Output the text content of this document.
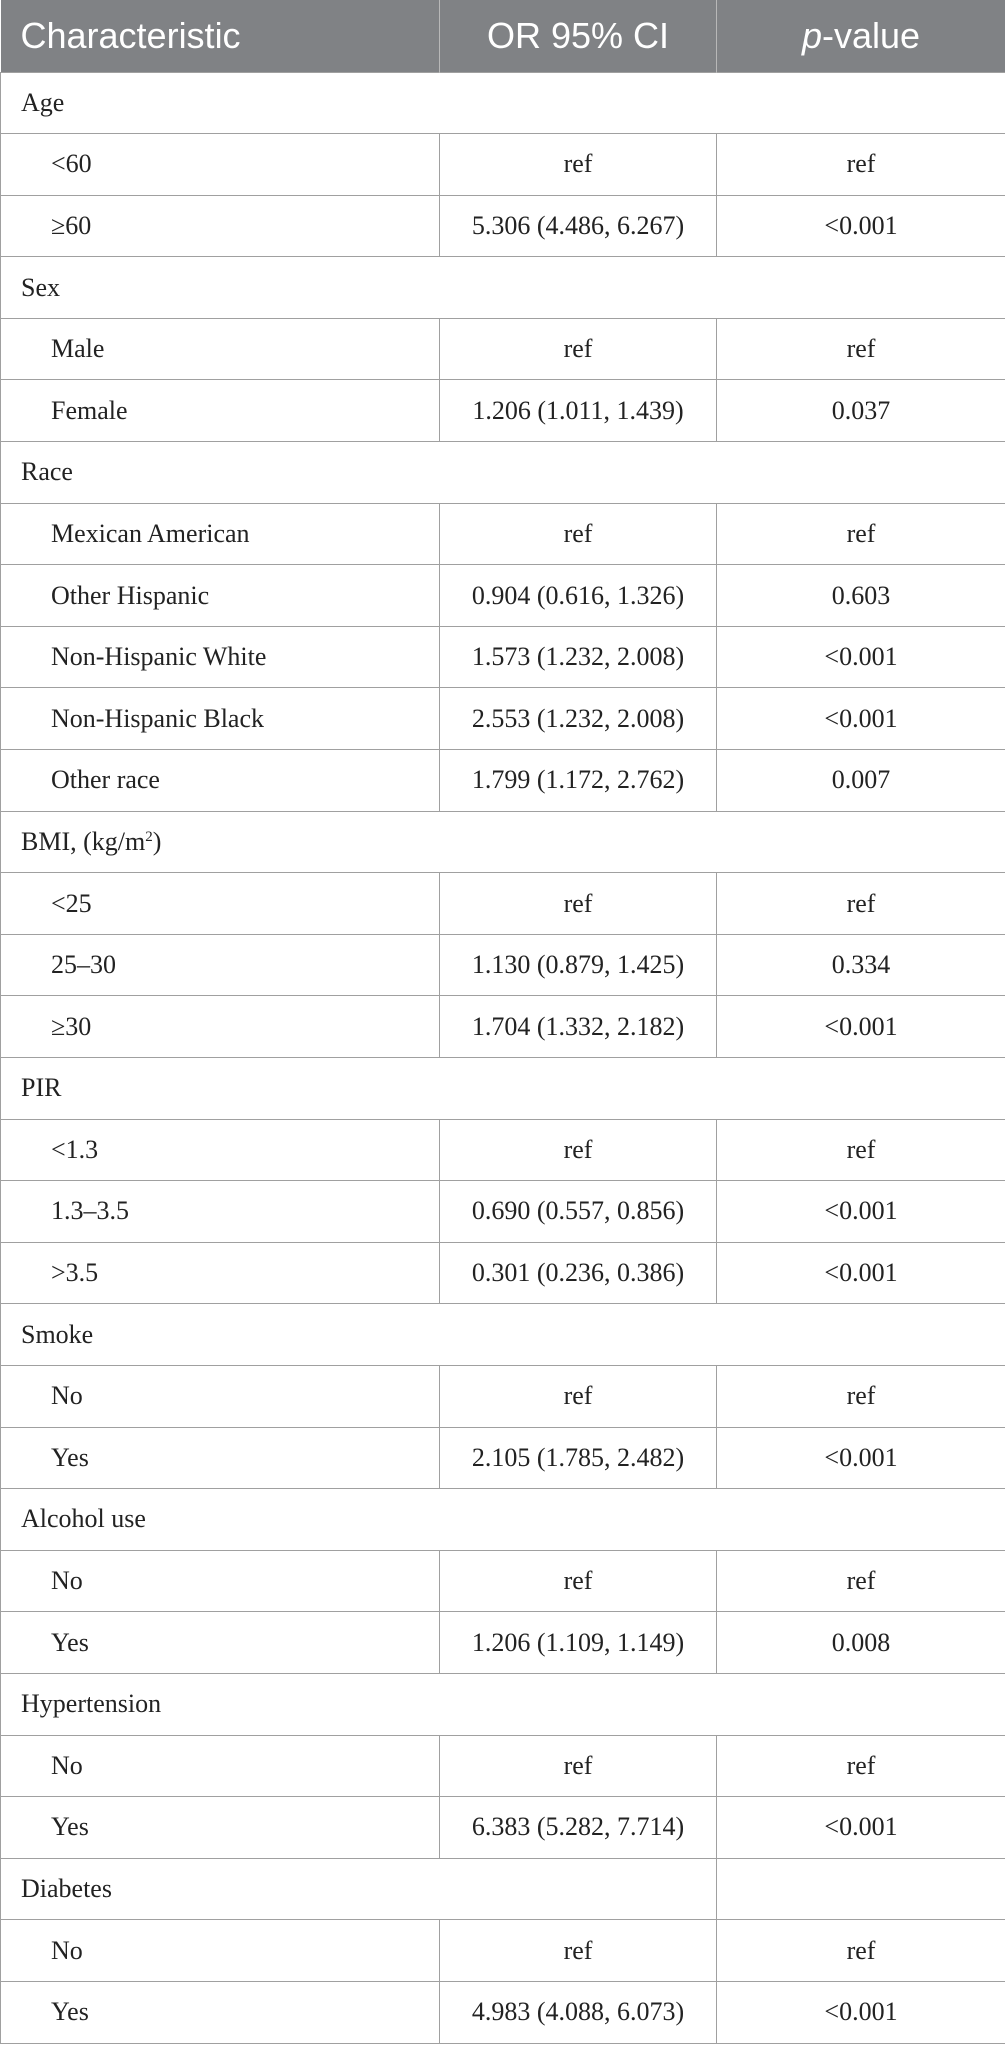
Characteristic	OR 95% CI	p-value
Age		
<60	ref	ref
≥60	5.306 (4.486, 6.267)	<0.001
Sex		
Male	ref	ref
Female	1.206 (1.011, 1.439)	0.037
Race		
Mexican American	ref	ref
Other Hispanic	0.904 (0.616, 1.326)	0.603
Non-Hispanic White	1.573 (1.232, 2.008)	<0.001
Non-Hispanic Black	2.553 (1.232, 2.008)	<0.001
Other race	1.799 (1.172, 2.762)	0.007
BMI, $(kg/m^2)$		
<25	ref	ref
25–30	1.130 (0.879, 1.425)	0.334
≥30	1.704 (1.332, 2.182)	<0.001
PIR		
<1.3	ref	ref
1.3–3.5	0.690 (0.557, 0.856)	<0.001
>3.5	0.301 (0.236, 0.386)	<0.001
Smoke		
No	ref	ref
Yes	2.105 (1.785, 2.482)	<0.001
Alcohol use		
No	ref	ref
Yes	1.206 (1.109, 1.149)	0.008
Hypertension		
No	ref	ref
Yes	6.383 (5.282, 7.714)	<0.001
Diabetes		
No	ref	ref
Yes	4.983 (4.088, 6.073)	<0.001
